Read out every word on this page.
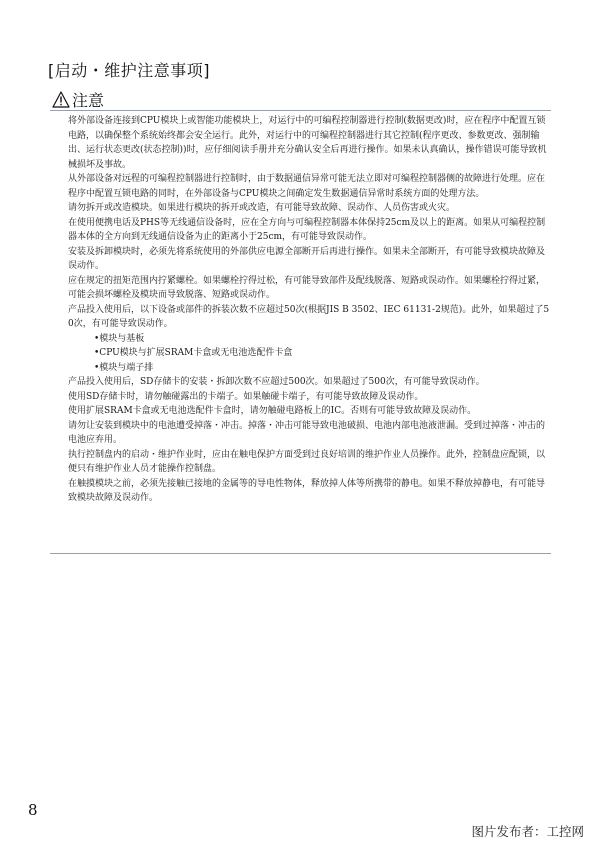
[启动・维护注意事项]
注意

将外部设备连接到CPU模块上或智能功能模块上，对运行中的可编程控制器进行控制(数据更改)时，应在程序中配置互锁电路，以确保整个系统始终都会安全运行。此外，对运行中的可编程控制器进行其它控制(程序更改、参数更改、强制输出、运行状态更改(状态控制))时，应仔细阅读手册并充分确认安全后再进行操作。如果未认真确认，操作错误可能导致机械损坏及事故。

从外部设备对远程的可编程控制器进行控制时，由于数据通信异常可能无法立即对可编程控制器侧的故障进行处理。应在程序中配置互锁电路的同时，在外部设备与CPU模块之间确定发生数据通信异常时系统方面的处理方法。

请勿拆开或改造模块。如果进行模块的拆开或改造，有可能导致故障、误动作、人员伤害或火灾。

在使用便携电话及PHS等无线通信设备时，应在全方向与可编程控制器本体保持25cm及以上的距离。如果从可编程控制器本体的全方向到无线通信设备为止的距离小于25cm，有可能导致误动作。

安装及拆卸模块时，必须先将系统使用的外部供应电源全部断开后再进行操作。如果未全部断开，有可能导致模块故障及误动作。

应在规定的扭矩范围内拧紧螺栓。如果螺栓拧得过松，有可能导致部件及配线脱落、短路或误动作。如果螺栓拧得过紧，可能会损坏螺栓及模块而导致脱落、短路或误动作。

产品投入使用后，以下设备或部件的拆装次数不应超过50次(根据JIS B 3502、IEC 61131-2规范)。此外，如果超过了50次，有可能导致误动作。

•模块与基板
•CPU模块与扩展SRAM卡盒或无电池选配件卡盒
•模块与端子排

产品投入使用后，SD存储卡的安装・拆卸次数不应超过500次。如果超过了500次，有可能导致误动作。

使用SD存储卡时，请勿触碰露出的卡端子。如果触碰卡端子，有可能导致故障及误动作。

使用扩展SRAM卡盒或无电池选配件卡盒时，请勿触碰电路板上的IC。否则有可能导致故障及误动作。

请勿让安装到模块中的电池遭受掉落・冲击。掉落・冲击可能导致电池破损、电池内部电池液泄漏。受到过掉落・冲击的电池应弃用。

执行控制盘内的启动・维护作业时，应由在触电保护方面受到过良好培训的维护作业人员操作。此外，控制盘应配锁，以便只有维护作业人员才能操作控制盘。

在触摸模块之前，必须先接触已接地的金属等的导电性物体，释放掉人体等所携带的静电。如果不释放掉静电，有可能导致模块故障及误动作。

8
图片发布者：工控网
